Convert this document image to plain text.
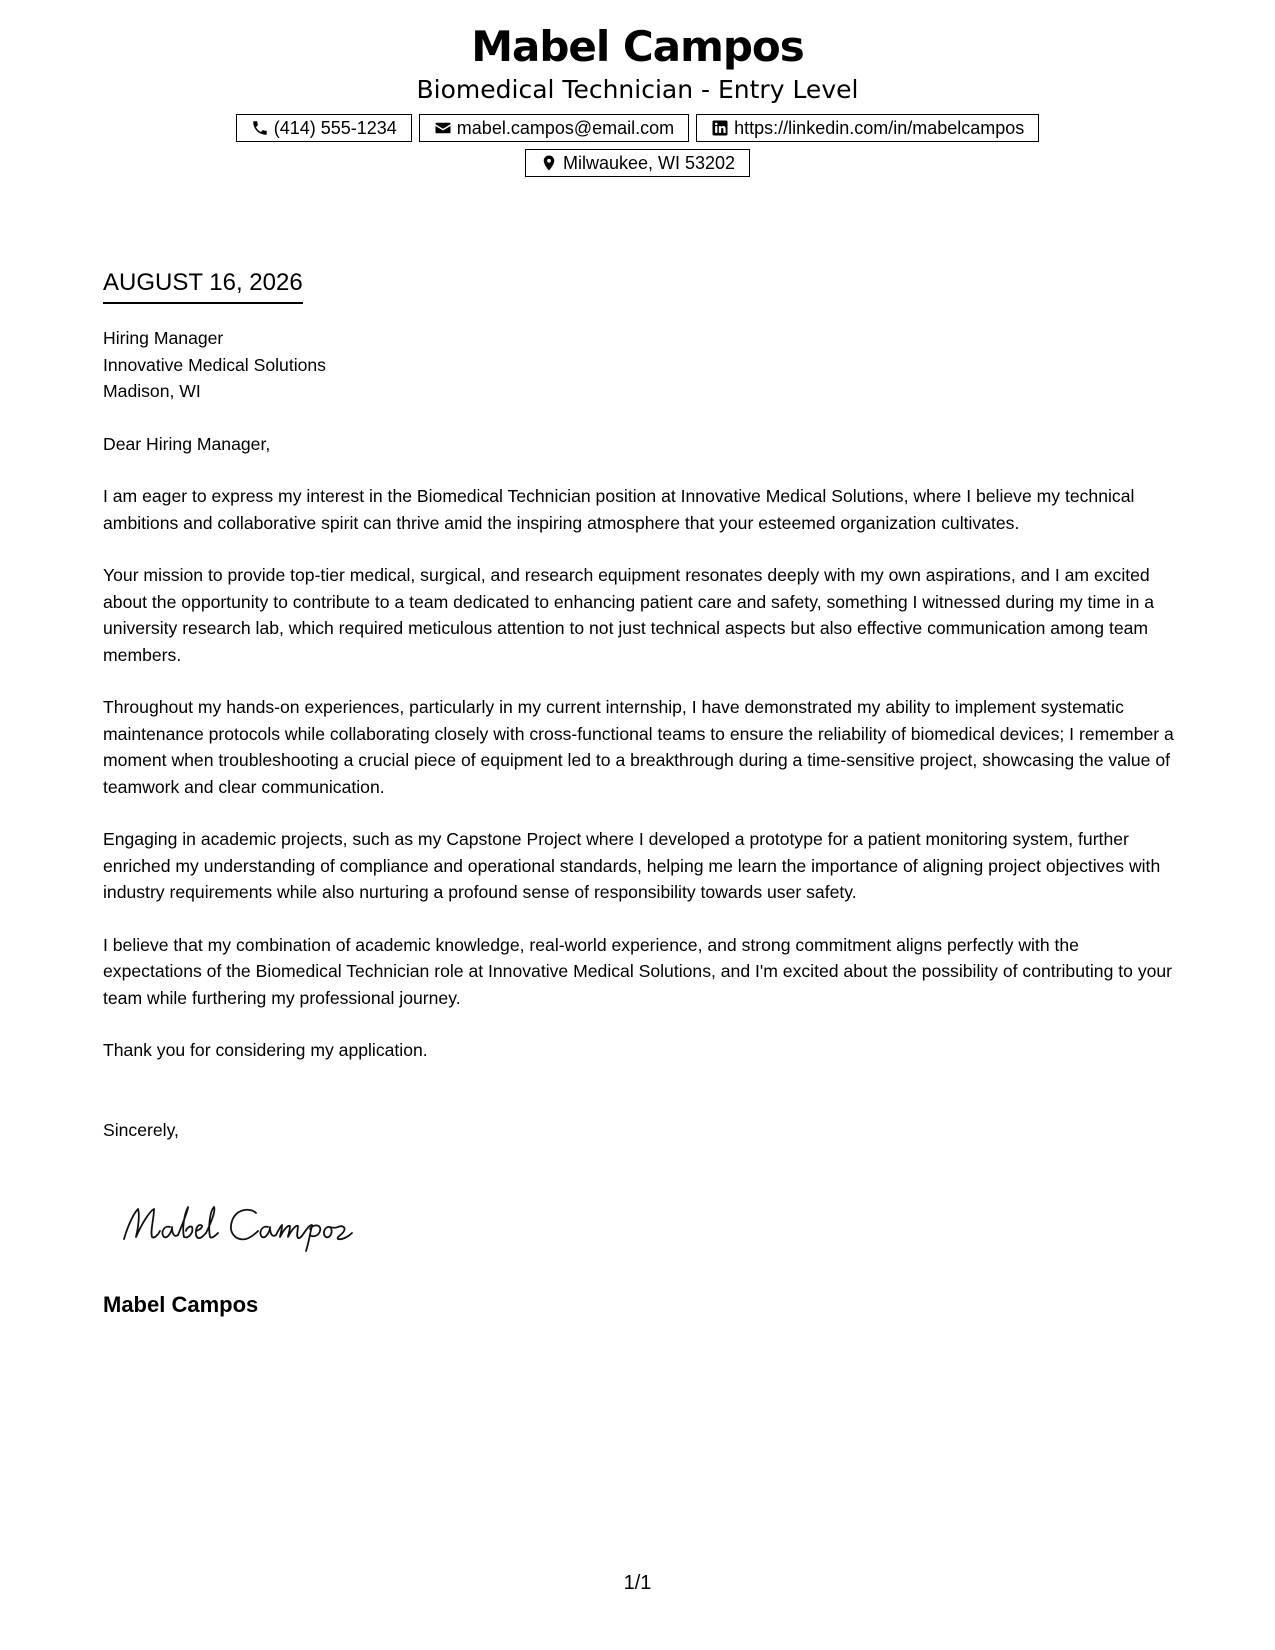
Mabel Campos
Biomedical Technician - Entry Level
(414) 555-1234	mabel.campos@email.com	https://linkedin.com/in/mabelcampos
Milwaukee, WI 53202
AUGUST 16, 2026

Hiring Manager

Innovative Medical Solutions

Madison, WI

Dear Hiring Manager,

I am eager to express my interest in the Biomedical Technician position at Innovative Medical Solutions, where I believe my technical ambitions and collaborative spirit can thrive amid the inspiring atmosphere that your esteemed organization cultivates.

Your mission to provide top-tier medical, surgical, and research equipment resonates deeply with my own aspirations, and I am excited about the opportunity to contribute to a team dedicated to enhancing patient care and safety, something I witnessed during my time in a university research lab, which required meticulous attention to not just technical aspects but also effective communication among team members.

Throughout my hands-on experiences, particularly in my current internship, I have demonstrated my ability to implement systematic maintenance protocols while collaborating closely with cross-functional teams to ensure the reliability of biomedical devices; I remember a moment when troubleshooting a crucial piece of equipment led to a breakthrough during a time-sensitive project, showcasing the value of teamwork and clear communication.

Engaging in academic projects, such as my Capstone Project where I developed a prototype for a patient monitoring system, further enriched my understanding of compliance and operational standards, helping me learn the importance of aligning project objectives with industry requirements while also nurturing a profound sense of responsibility towards user safety.

I believe that my combination of academic knowledge, real-world experience, and strong commitment aligns perfectly with the expectations of the Biomedical Technician role at Innovative Medical Solutions, and I'm excited about the possibility of contributing to your team while furthering my professional journey.

Thank you for considering my application.

Sincerely,

Mabel Campos
1/1
